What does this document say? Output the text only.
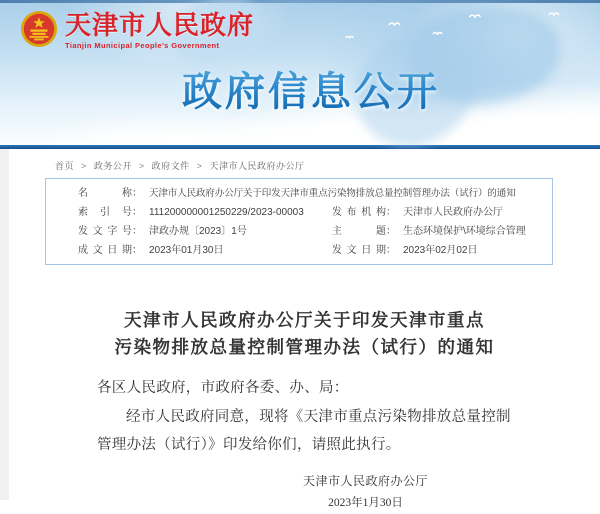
天津市人民政府
Tianjin Municipal People's Government
政府信息公开
首页 > 政务公开 > 政府文件 > 天津市人民政府办公厅
名称 ： 天津市人民政府办公厅关于印发天津市重点污染物排放总量控制管理办法（试行）的通知
索引号 ： 111200000001250229/2023-00003	发布机构 ： 天津市人民政府办公厅
发文字号 ： 津政办规〔2023〕1号	主题 ： 生态环境保护\环境综合管理
成文日期 ： 2023年01月30日	发文日期 ： 2023年02月02日
天津市人民政府办公厅关于印发天津市重点
污染物排放总量控制管理办法（试行）的通知

各区人民政府，市政府各委、办、局：

经市人民政府同意，现将《天津市重点污染物排放总量控制管理办法（试行）》印发给你们，请照此执行。

天津市人民政府办公厅
2023年1月30日
